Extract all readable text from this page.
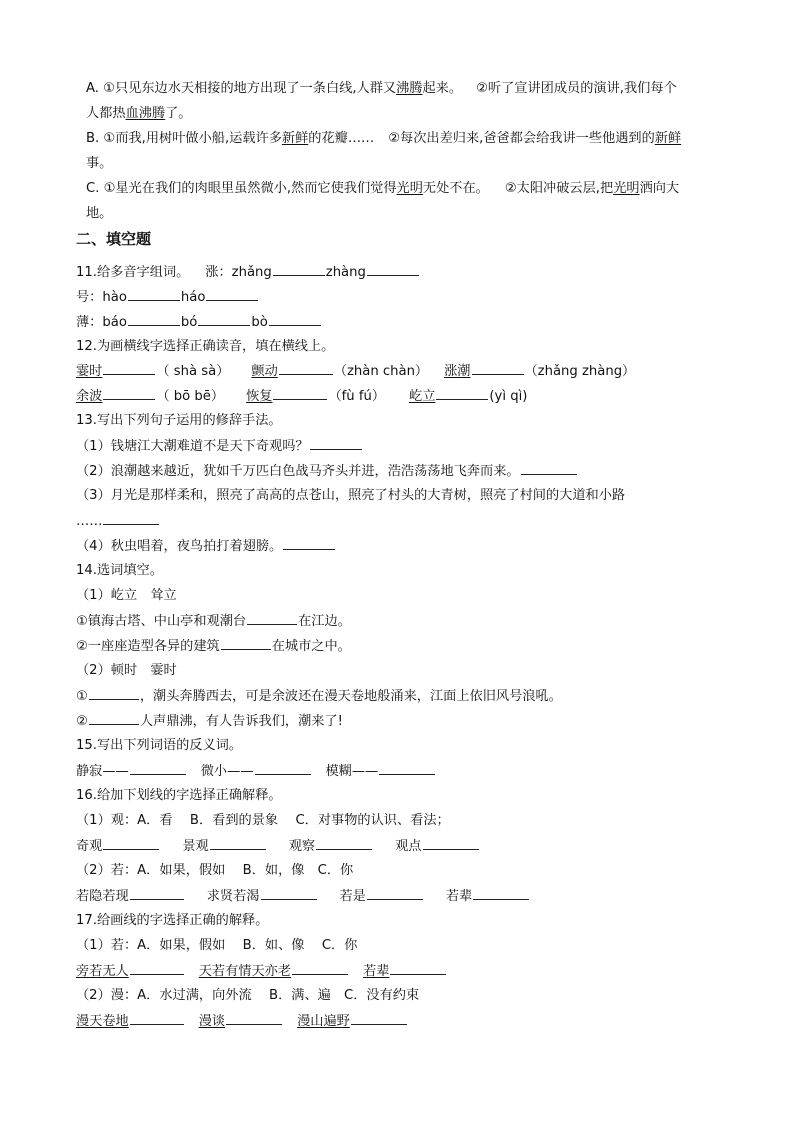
A. ①只见东边水天相接的地方出现了一条白线,人群又沸腾起来。 ②听了宣讲团成员的演讲,我们每个
人都热血沸腾了。
B. ①而我,用树叶做小船,运载许多新鲜的花瓣…… ②每次出差归来,爸爸都会给我讲一些他遇到的新鲜
事。
C. ①星光在我们的肉眼里虽然微小,然而它使我们觉得光明无处不在。 ②太阳冲破云层,把光明洒向大
地。
二、填空题
11.给多音字组词。 涨：zhǎng	zhàng
号：hào	háo
薄：báo	bó	bò
12.为画横线字选择正确读音，填在横线上。
霎时	（ shà sà） 颤动	（zhàn chàn） 涨潮	（zhǎng zhàng）
余波	（ bō bē） 恢复	（fù fú） 屹立	(yì qì)
13.写出下列句子运用的修辞手法。
（1）钱塘江大潮难道不是天下奇观吗？
（2）浪潮越来越近，犹如千万匹白色战马齐头并进，浩浩荡荡地飞奔而来。
（3）月光是那样柔和，照亮了高高的点苍山，照亮了村头的大青树，照亮了村间的大道和小路
……
（4）秋虫唱着，夜鸟拍打着翅膀。
14.选词填空。
（1）屹立　耸立
①镇海古塔、中山亭和观潮台	在江边。
②一座座造型各异的建筑	在城市之中。
（2）顿时　霎时
①	，潮头奔腾西去，可是余波还在漫天卷地般涌来，江面上依旧风号浪吼。
②	人声鼎沸，有人告诉我们，潮来了!
15.写出下列词语的反义词。
静寂——	微小——	模糊——
16.给加下划线的字选择正确解释。
（1）观：A．看　 B．看到的景象　 C．对事物的认识、看法；
奇观	景观	观察	观点
（2）若：A．如果，假如　 B．如，像　C．你
若隐若现	求贤若渴	若是	若辈
17.给画线的字选择正确的解释。
（1）若：A．如果，假如　 B．如、像　 C．你
旁若无人	天若有情天亦老	若辈
（2）漫：A．水过满，向外流　 B．满、遍　C．没有约束
漫天卷地	漫谈	漫山遍野
